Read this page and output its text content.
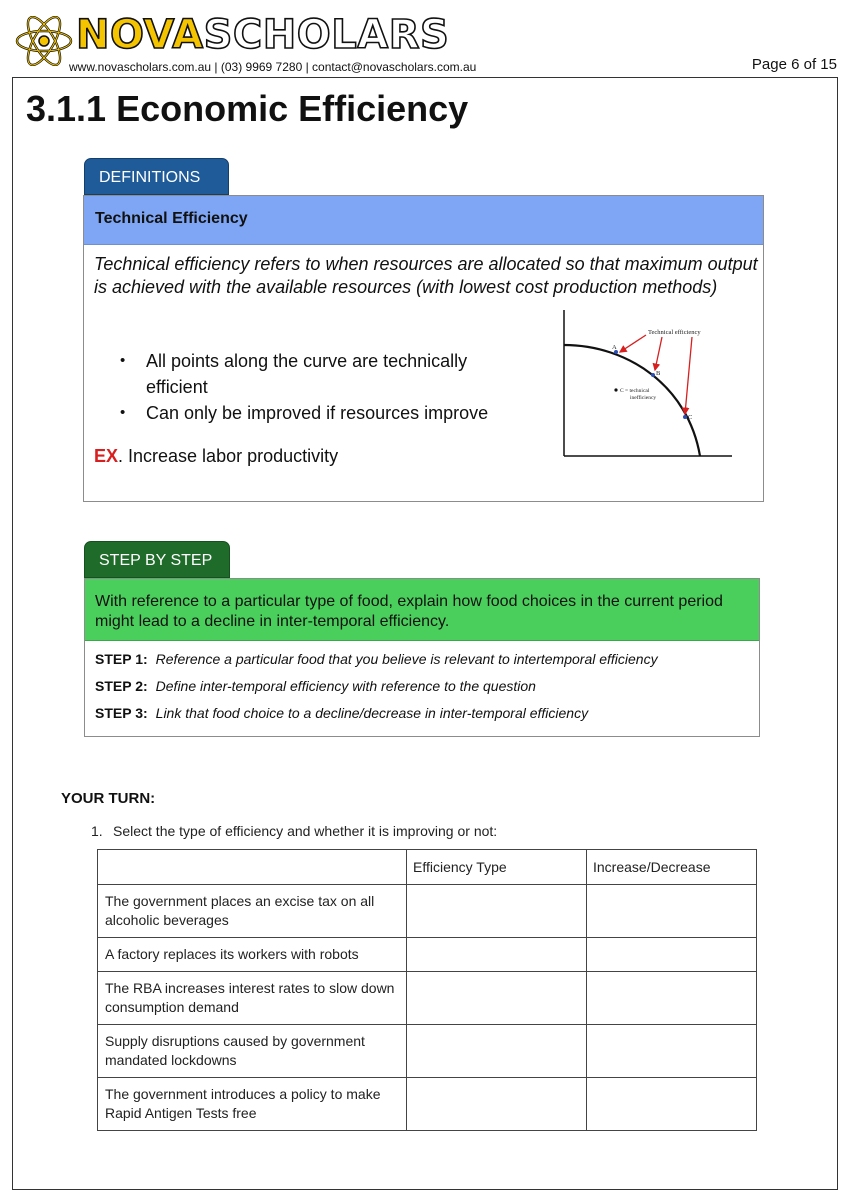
NOVASCHOLARS
www.novascholars.com.au | (03) 9969 7280 | contact@novascholars.com.au	Page 6 of 15
3.1.1 Economic Efficiency
DEFINITIONS
Technical Efficiency

Technical efficiency refers to when resources are allocated so that maximum output is achieved with the available resources (with lowest cost production methods)

• All points along the curve are technically efficient
• Can only be improved if resources improve
EX. Increase labor productivity
Technical efficiency
A
B
C
C = technical
inefficiency
STEP BY STEP
With reference to a particular type of food, explain how food choices in the current period might lead to a decline in inter-temporal efficiency.
STEP 1: Reference a particular food that you believe is relevant to intertemporal efficiency
STEP 2: Define inter-temporal efficiency with reference to the question
STEP 3: Link that food choice to a decline/decrease in inter-temporal efficiency
YOUR TURN:
1. Select the type of efficiency and whether it is improving or not:
	Efficiency Type	Increase/Decrease
The government places an excise tax on all alcoholic beverages		
A factory replaces its workers with robots		
The RBA increases interest rates to slow down consumption demand		
Supply disruptions caused by government mandated lockdowns		
The government introduces a policy to make Rapid Antigen Tests free		
